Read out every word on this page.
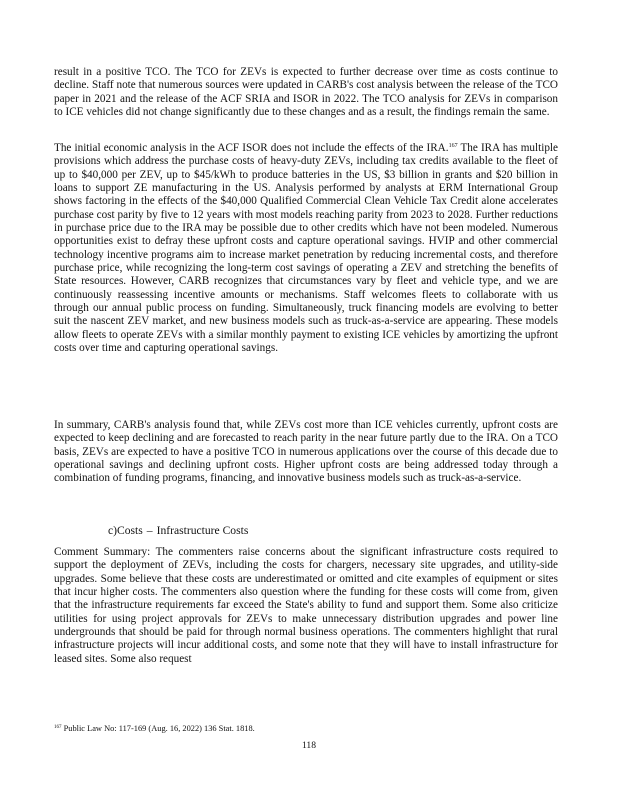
result in a positive TCO. The TCO for ZEVs is expected to further decrease over time as costs continue to decline. Staff note that numerous sources were updated in CARB's cost analysis between the release of the TCO paper in 2021 and the release of the ACF SRIA and ISOR in 2022. The TCO analysis for ZEVs in comparison to ICE vehicles did not change significantly due to these changes and as a result, the findings remain the same.

The initial economic analysis in the ACF ISOR does not include the effects of the IRA.$^{167}$ The IRA has multiple provisions which address the purchase costs of heavy-duty ZEVs, including tax credits available to the fleet of up to $40,000 per ZEV, up to $45/kWh to produce batteries in the US, $3 billion in grants and $20 billion in loans to support ZE manufacturing in the US. Analysis performed by analysts at ERM International Group shows factoring in the effects of the $40,000 Qualified Commercial Clean Vehicle Tax Credit alone accelerates purchase cost parity by five to 12 years with most models reaching parity from 2023 to 2028. Further reductions in purchase price due to the IRA may be possible due to other credits which have not been modeled. Numerous opportunities exist to defray these upfront costs and capture operational savings. HVIP and other commercial technology incentive programs aim to increase market penetration by reducing incremental costs, and therefore purchase price, while recognizing the long-term cost savings of operating a ZEV and stretching the benefits of State resources. However, CARB recognizes that circumstances vary by fleet and vehicle type, and we are continuously reassessing incentive amounts or mechanisms. Staff welcomes fleets to collaborate with us through our annual public process on funding. Simultaneously, truck financing models are evolving to better suit the nascent ZEV market, and new business models such as truck-as-a-service are appearing. These models allow fleets to operate ZEVs with a similar monthly payment to existing ICE vehicles by amortizing the upfront costs over time and capturing operational savings.

In summary, CARB's analysis found that, while ZEVs cost more than ICE vehicles currently, upfront costs are expected to keep declining and are forecasted to reach parity in the near future partly due to the IRA. On a TCO basis, ZEVs are expected to have a positive TCO in numerous applications over the course of this decade due to operational savings and declining upfront costs. Higher upfront costs are being addressed today through a combination of funding programs, financing, and innovative business models such as truck-as-a-service.

c)Costs – Infrastructure Costs

Comment Summary: The commenters raise concerns about the significant infrastructure costs required to support the deployment of ZEVs, including the costs for chargers, necessary site upgrades, and utility-side upgrades. Some believe that these costs are underestimated or omitted and cite examples of equipment or sites that incur higher costs. The commenters also question where the funding for these costs will come from, given that the infrastructure requirements far exceed the State's ability to fund and support them. Some also criticize utilities for using project approvals for ZEVs to make unnecessary distribution upgrades and power line undergrounds that should be paid for through normal business operations. The commenters highlight that rural infrastructure projects will incur additional costs, and some note that they will have to install infrastructure for leased sites. Some also request

$^{167}$ Public Law No: 117-169 (Aug. 16, 2022) 136 Stat. 1818.

118
